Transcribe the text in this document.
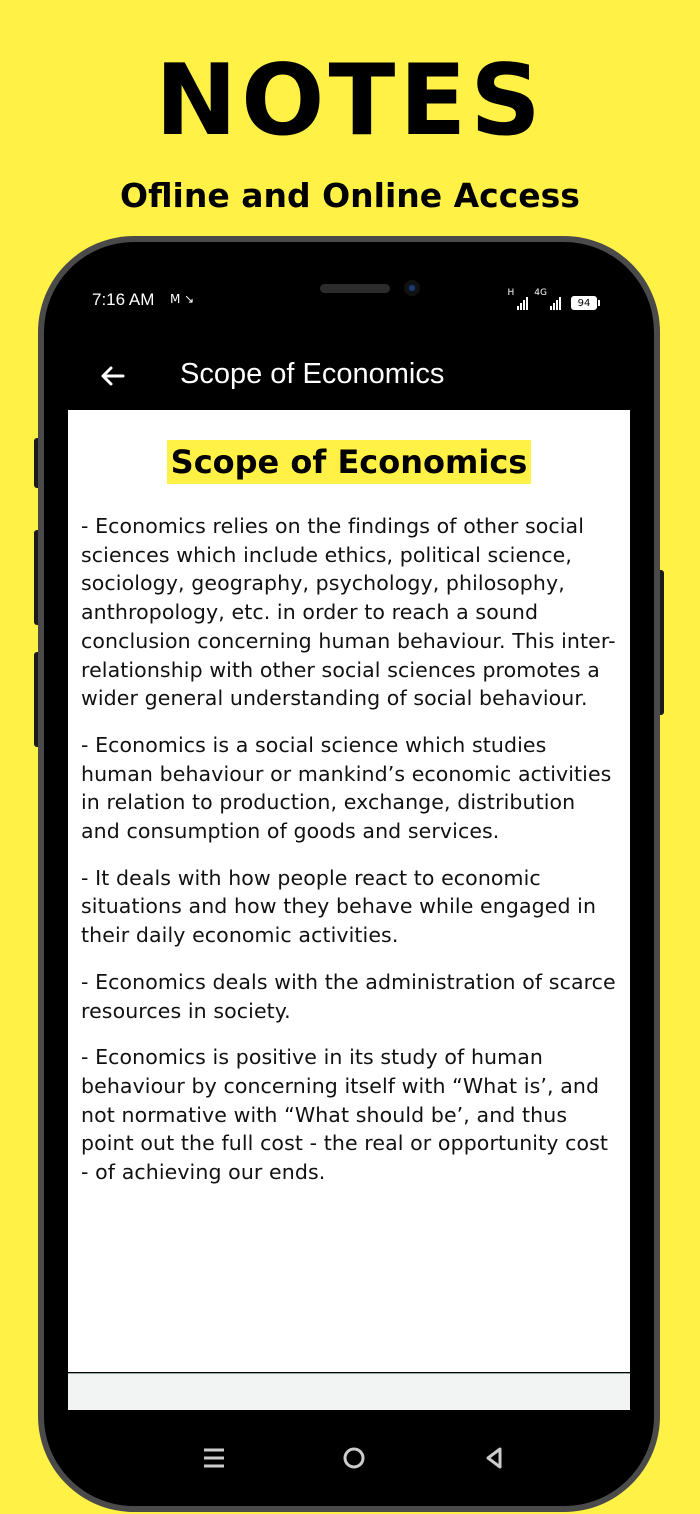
NOTES
Ofline and Online Access
7:16 AM M ↘	H 4G
94
Scope of Economics
Scope of Economics

- Economics relies on the findings of other social sciences which include ethics, political science, sociology, geography, psychology, philosophy, anthropology, etc. in order to reach a sound conclusion concerning human behaviour. This inter-relationship with other social sciences promotes a wider general understanding of social behaviour.

- Economics is a social science which studies human behaviour or mankind’s economic activities in relation to production, exchange, distribution and consumption of goods and services.

- It deals with how people react to economic situations and how they behave while engaged in their daily economic activities.

- Economics deals with the administration of scarce resources in society.

- Economics is positive in its study of human behaviour by concerning itself with “What is’, and not normative with “What should be’, and thus point out the full cost - the real or opportunity cost - of achieving our ends.
